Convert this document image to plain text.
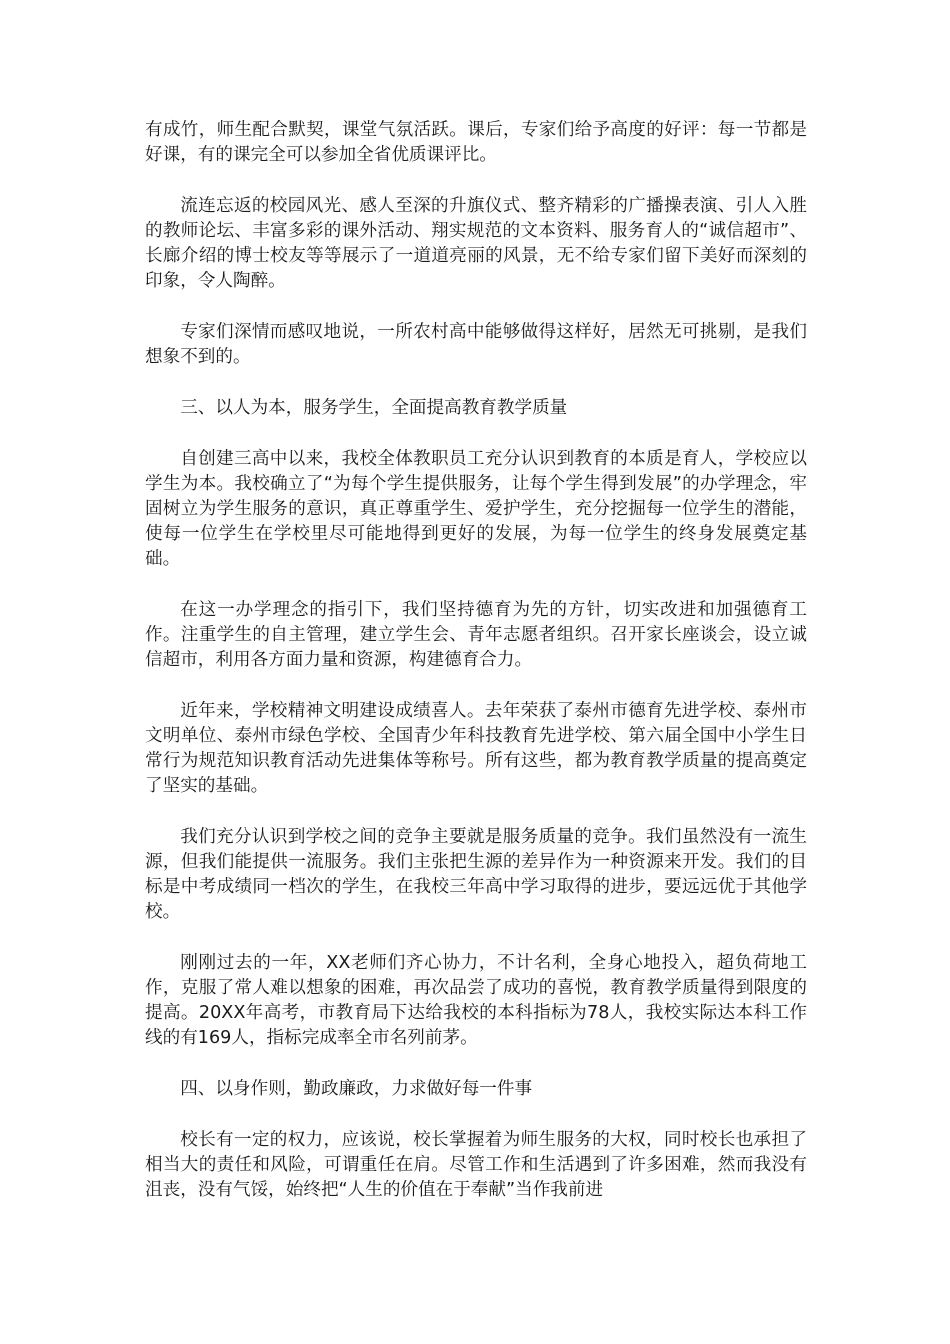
有成竹，师生配合默契，课堂气氛活跃。课后，专家们给予高度的好评：每一节都是好课，有的课完全可以参加全省优质课评比。

流连忘返的校园风光、感人至深的升旗仪式、整齐精彩的广播操表演、引人入胜的教师论坛、丰富多彩的课外活动、翔实规范的文本资料、服务育人的“诚信超市”、长廊介绍的博士校友等等展示了一道道亮丽的风景，无不给专家们留下美好而深刻的印象，令人陶醉。

专家们深情而感叹地说，一所农村高中能够做得这样好，居然无可挑剔，是我们想象不到的。

三、以人为本，服务学生，全面提高教育教学质量

自创建三高中以来，我校全体教职员工充分认识到教育的本质是育人，学校应以学生为本。我校确立了“为每个学生提供服务，让每个学生得到发展”的办学理念，牢固树立为学生服务的意识，真正尊重学生、爱护学生，充分挖掘每一位学生的潜能，使每一位学生在学校里尽可能地得到更好的发展，为每一位学生的终身发展奠定基础。

在这一办学理念的指引下，我们坚持德育为先的方针，切实改进和加强德育工作。注重学生的自主管理，建立学生会、青年志愿者组织。召开家长座谈会，设立诚信超市，利用各方面力量和资源，构建德育合力。

近年来，学校精神文明建设成绩喜人。去年荣获了泰州市德育先进学校、泰州市文明单位、泰州市绿色学校、全国青少年科技教育先进学校、第六届全国中小学生日常行为规范知识教育活动先进集体等称号。所有这些，都为教育教学质量的提高奠定了坚实的基础。

我们充分认识到学校之间的竞争主要就是服务质量的竞争。我们虽然没有一流生源，但我们能提供一流服务。我们主张把生源的差异作为一种资源来开发。我们的目标是中考成绩同一档次的学生，在我校三年高中学习取得的进步，要远远优于其他学校。

刚刚过去的一年，XX老师们齐心协力，不计名利，全身心地投入，超负荷地工作，克服了常人难以想象的困难，再次品尝了成功的喜悦，教育教学质量得到限度的提高。20XX年高考，市教育局下达给我校的本科指标为78人，我校实际达本科工作线的有169人，指标完成率全市名列前茅。

四、以身作则，勤政廉政，力求做好每一件事

校长有一定的权力，应该说，校长掌握着为师生服务的大权，同时校长也承担了相当大的责任和风险，可谓重任在肩。尽管工作和生活遇到了许多困难，然而我没有沮丧，没有气馁，始终把“人生的价值在于奉献”当作我前进
